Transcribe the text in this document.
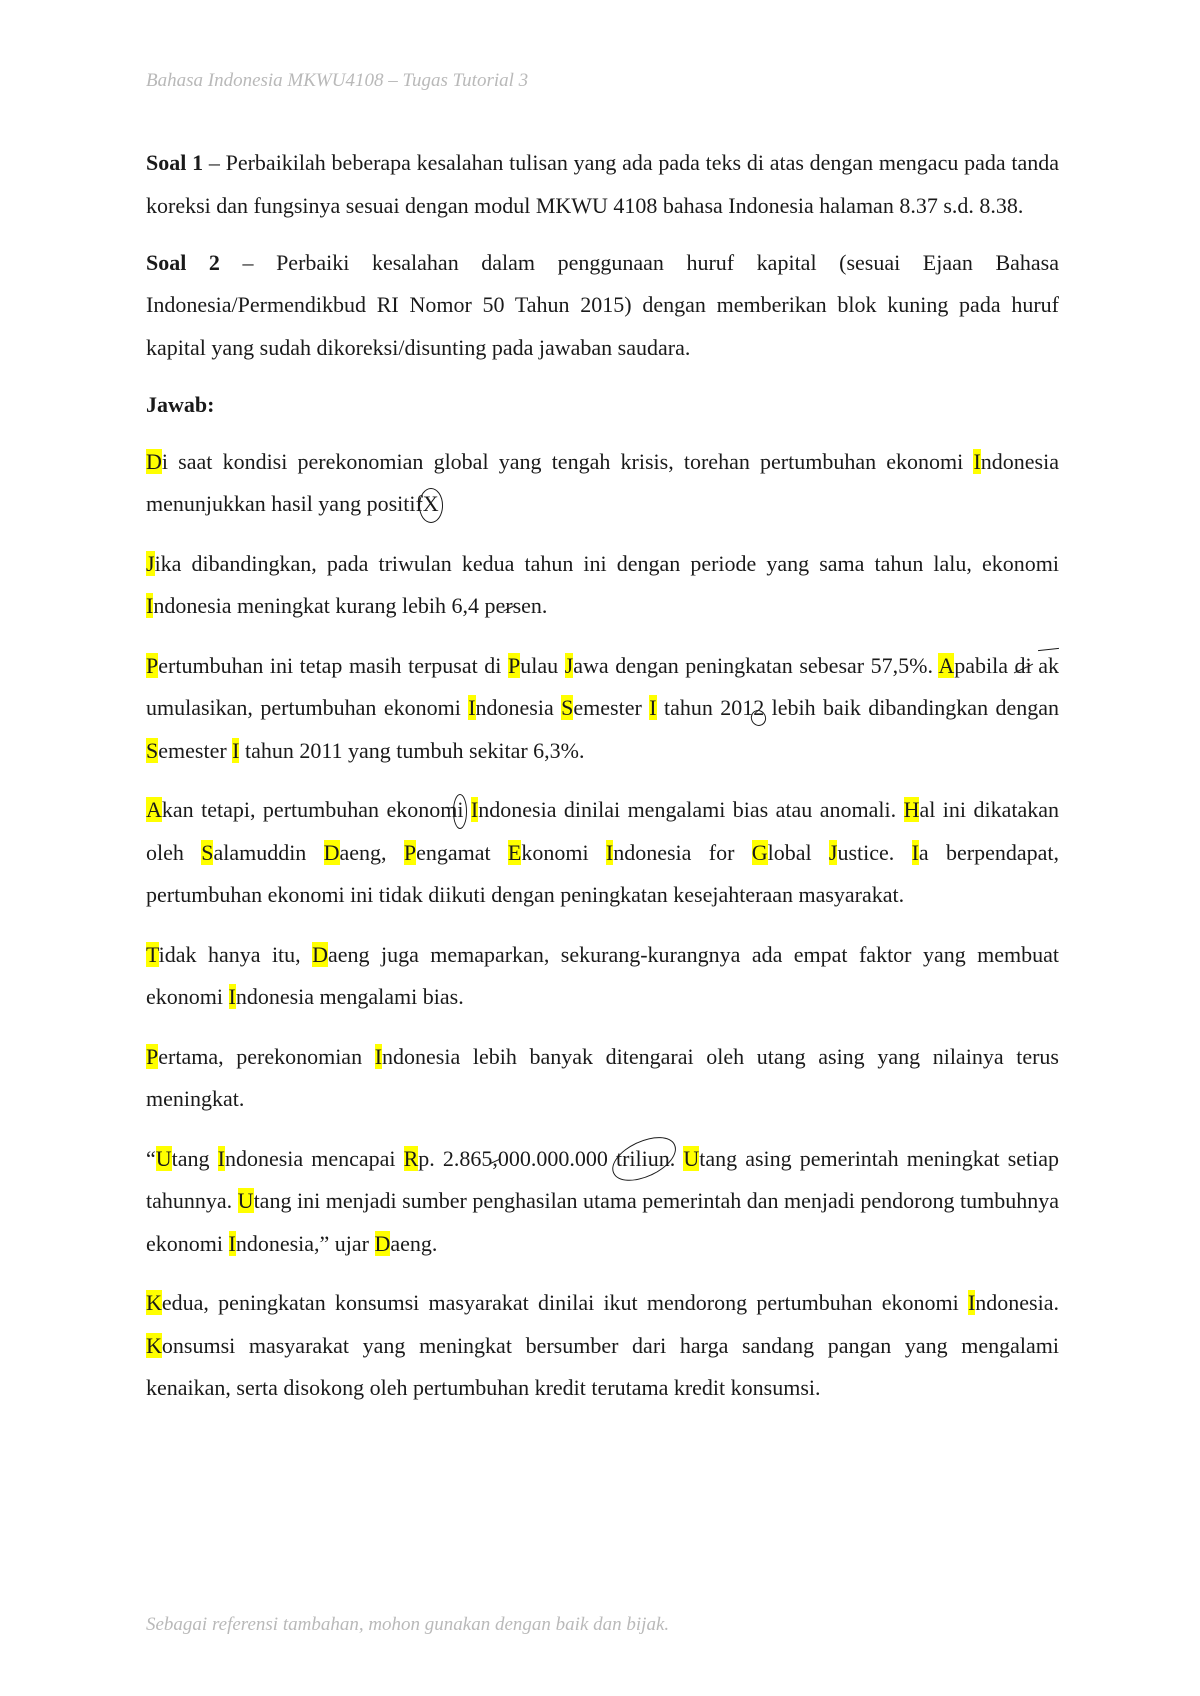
Bahasa Indonesia MKWU4108 – Tugas Tutorial 3

Soal 1 – Perbaikilah beberapa kesalahan tulisan yang ada pada teks di atas dengan mengacu pada tanda koreksi dan fungsinya sesuai dengan modul MKWU 4108 bahasa Indonesia halaman 8.37 s.d. 8.38.

Soal 2 – Perbaiki kesalahan dalam penggunaan huruf kapital (sesuai Ejaan Bahasa Indonesia/Permendikbud RI Nomor 50 Tahun 2015) dengan memberikan blok kuning pada huruf kapital yang sudah dikoreksi/disunting pada jawaban saudara.

Jawab:

Di saat kondisi perekonomian global yang tengah krisis, torehan pertumbuhan ekonomi Indonesia menunjukkan hasil yang positifX

Jika dibandingkan, pada triwulan kedua tahun ini dengan periode yang sama tahun lalu, ekonomi Indonesia meningkat kurang lebih 6,4 persen.

Pertumbuhan ini tetap masih terpusat di Pulau Jawa dengan peningkatan sebesar 57,5%. Apabila di akumulasikan, pertumbuhan ekonomi Indonesia Semester I tahun 2012 lebih baik dibandingkan dengan Semester I tahun 2011 yang tumbuh sekitar 6,3%.

Akan tetapi, pertumbuhan ekonomi Indonesia dinilai mengalami bias atau anomali. Hal ini dikatakan oleh Salamuddin Daeng, Pengamat Ekonomi Indonesia for Global Justice. Ia berpendapat, pertumbuhan ekonomi ini tidak diikuti dengan peningkatan kesejahteraan masyarakat.

Tidak hanya itu, Daeng juga memaparkan, sekurang-kurangnya ada empat faktor yang membuat ekonomi Indonesia mengalami bias.

Pertama, perekonomian Indonesia lebih banyak ditengarai oleh utang asing yang nilainya terus meningkat.

“Utang Indonesia mencapai Rp. 2.865,000.000.000 triliun. Utang asing pemerintah meningkat setiap tahunnya. Utang ini menjadi sumber penghasilan utama pemerintah dan menjadi pendorong tumbuhnya ekonomi Indonesia,” ujar Daeng.

Kedua, peningkatan konsumsi masyarakat dinilai ikut mendorong pertumbuhan ekonomi Indonesia. Konsumsi masyarakat yang meningkat bersumber dari harga sandang pangan yang mengalami kenaikan, serta disokong oleh pertumbuhan kredit terutama kredit konsumsi.

Sebagai referensi tambahan, mohon gunakan dengan baik dan bijak.
